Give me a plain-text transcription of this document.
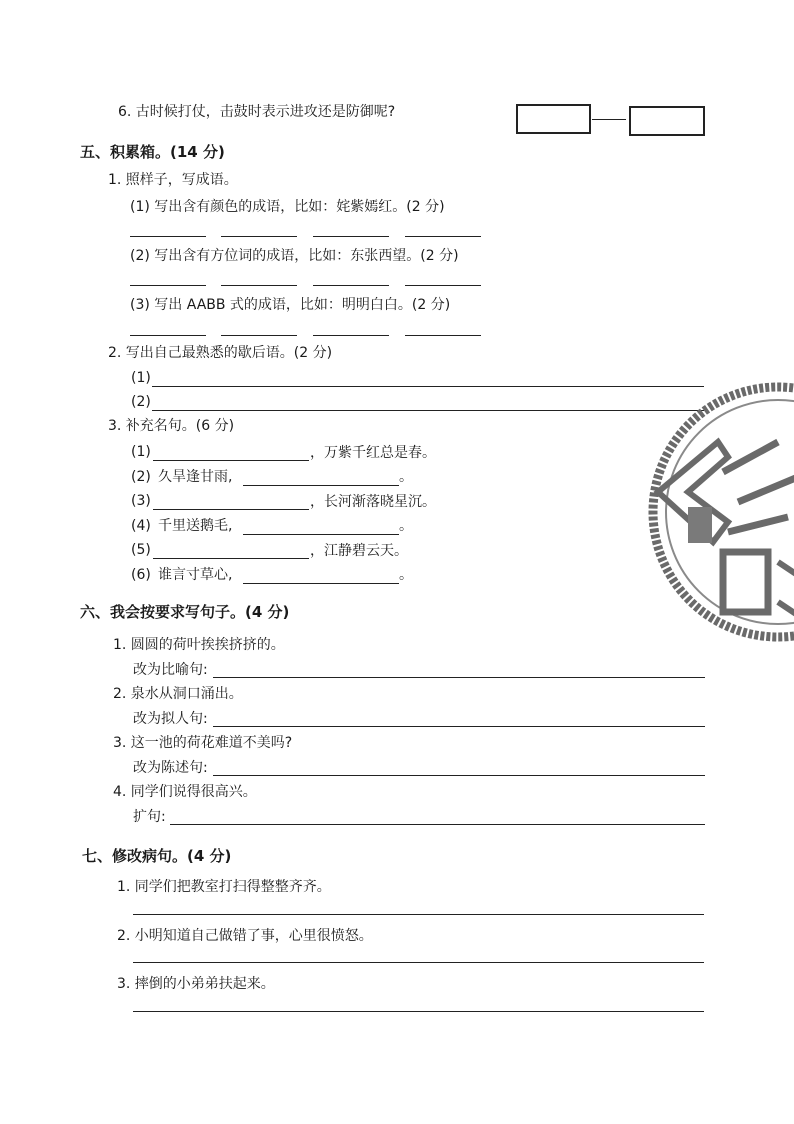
6. 古时候打仗，击鼓时表示进攻还是防御呢?
五、积累箱。(14 分)
1. 照样子，写成语。
(1) 写出含有颜色的成语，比如：姹紫嫣红。(2 分)
(2) 写出含有方位词的成语，比如：东张西望。(2 分)
(3) 写出 AABB 式的成语，比如：明明白白。(2 分)
2. 写出自己最熟悉的歇后语。(2 分)
(1)
(2)
3. 补充名句。(6 分)
(1)	，万紫千红总是春。
(2) 久旱逢甘雨,	。
(3)	，长河渐落晓星沉。
(4) 千里送鹅毛,	。
(5)	，江静碧云天。
(6) 谁言寸草心,	。
六、我会按要求写句子。(4 分)
1. 圆圆的荷叶挨挨挤挤的。
改为比喻句:
2. 泉水从洞口涌出。
改为拟人句:
3. 这一池的荷花难道不美吗?
改为陈述句:
4. 同学们说得很高兴。
扩句:
七、修改病句。(4 分)
1. 同学们把教室打扫得整整齐齐。
2. 小明知道自己做错了事，心里很愤怒。
3. 摔倒的小弟弟扶起来。
